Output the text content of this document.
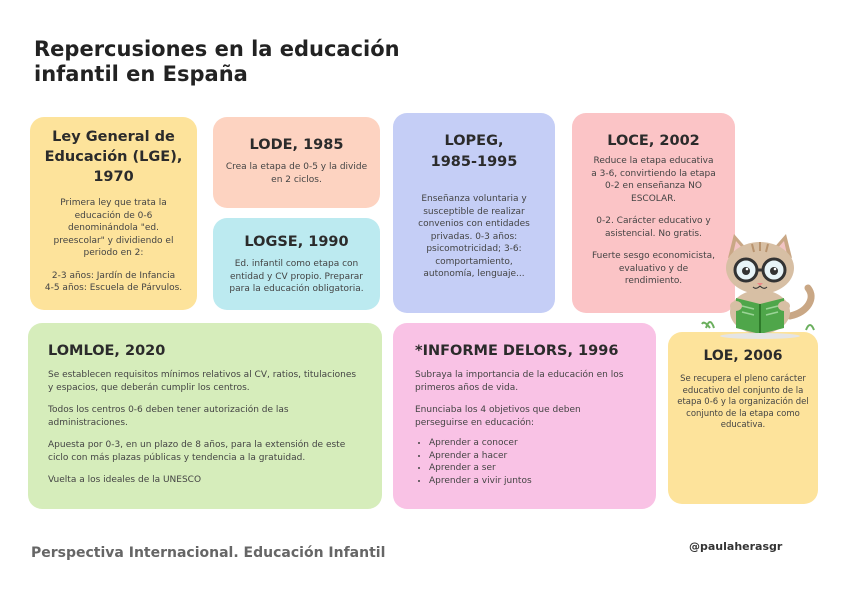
Repercusiones en la educación
infantil en España
Ley General de
Educación (LGE),
1970

Primera ley que trata la

educación de 0-6

denominándola "ed.

preescolar" y dividiendo el

periodo en 2:

2-3 años: Jardín de Infancia

4-5 años: Escuela de Párvulos.

LODE, 1985

Crea la etapa de 0-5 y la divide

en 2 ciclos.

LOGSE, 1990

Ed. infantil como etapa con

entidad y CV propio. Preparar

para la educación obligatoria.

LOPEG,
1985-1995

Enseñanza voluntaria y

susceptible de realizar

convenios con entidades

privadas. 0-3 años:

psicomotricidad; 3-6:

comportamiento,

autonomía, lenguaje...

LOCE, 2002

Reduce la etapa educativa

a 3-6, convirtiendo la etapa

0-2 en enseñanza NO

ESCOLAR.

0-2. Carácter educativo y

asistencial. No gratis.

Fuerte sesgo economicista,

evaluativo y de

rendimiento.

LOMLOE, 2020

Se establecen requisitos mínimos relativos al CV, ratios, titulaciones

y espacios, que deberán cumplir los centros.

Todos los centros 0-6 deben tener autorización de las

administraciones.

Apuesta por 0-3, en un plazo de 8 años, para la extensión de este

ciclo con más plazas públicas y tendencia a la gratuidad.

Vuelta a los ideales de la UNESCO

*INFORME DELORS, 1996

Subraya la importancia de la educación en los

primeros años de vida.

Enunciaba los 4 objetivos que deben

perseguirse en educación:

• Aprender a conocer
• Aprender a hacer
• Aprender a ser
• Aprender a vivir juntos
LOE, 2006

Se recupera el pleno carácter

educativo del conjunto de la

etapa 0-6 y la organización del

conjunto de la etapa como

educativa.

Perspectiva Internacional. Educación Infantil	@paulaherasgr
